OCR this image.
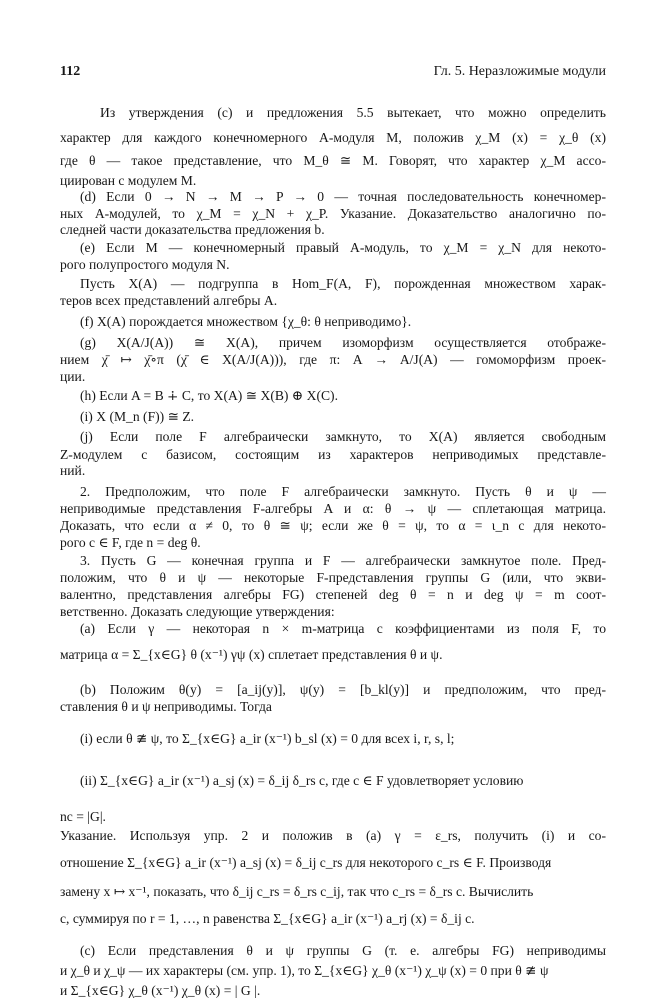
112	Гл. 5. Неразложимые модули
Из утверждения (c) и предложения 5.5 вытекает, что можно определить
характер для каждого конечномерного A-модуля M, положив χ_M (x) = χ_θ (x)
где θ — такое представление, что M_θ ≅ M. Говорят, что характер χ_M ассо-
циирован с модулем M.
(d) Если 0 → N → M → P → 0 — точная последовательность конечномер-
ных A-модулей, то χ_M = χ_N + χ_P. Указание. Доказательство аналогично по-
следней части доказательства предложения b.
(e) Если M — конечномерный правый A-модуль, то χ_M = χ_N для некото-
рого полупростого модуля N.
Пусть X(A) — подгруппа в Hom_F(A, F), порожденная множеством харак-
теров всех представлений алгебры A.
(f) X(A) порождается множеством {χ_θ: θ неприводимо}.
(g) X(A/J(A)) ≅ X(A), причем изоморфизм осуществляется отображе-
нием χ̄ ↦ χ̄∘π (χ̄ ∈ X(A/J(A))), где π: A → A/J(A) — гомоморфизм проек-
ции.
(h) Если A = B ∔ C, то X(A) ≅ X(B) ⊕ X(C).
(i) X (M_n (F)) ≅ Z.
(j) Если поле F алгебраически замкнуто, то X(A) является свободным
Z-модулем с базисом, состоящим из характеров неприводимых представле-
ний.
2. Предположим, что поле F алгебраически замкнуто. Пусть θ и ψ —
неприводимые представления F-алгебры A и α: θ → ψ — сплетающая матрица.
Доказать, что если α ≠ 0, то θ ≅ ψ; если же θ = ψ, то α = ι_n c для некото-
рого c ∈ F, где n = deg θ.
3. Пусть G — конечная группа и F — алгебраически замкнутое поле. Пред-
положим, что θ и ψ — некоторые F-представления группы G (или, что экви-
валентно, представления алгебры FG) степеней deg θ = n и deg ψ = m соот-
ветственно. Доказать следующие утверждения:
(a) Если γ — некоторая n × m-матрица с коэффициентами из поля F, то
матрица α = Σ_{x∈G} θ (x⁻¹) γψ (x) сплетает представления θ и ψ.
(b) Положим θ(y) = [a_ij(y)], ψ(y) = [b_kl(y)] и предположим, что пред-
ставления θ и ψ неприводимы. Тогда
(i) если θ ≇ ψ, то Σ_{x∈G} a_ir (x⁻¹) b_sl (x) = 0 для всех i, r, s, l;
(ii) Σ_{x∈G} a_ir (x⁻¹) a_sj (x) = δ_ij δ_rs c, где c ∈ F удовлетворяет условию
nc = |G|.
Указание. Используя упр. 2 и положив в (a) γ = ε_rs, получить (i) и со-
отношение Σ_{x∈G} a_ir (x⁻¹) a_sj (x) = δ_ij c_rs для некоторого c_rs ∈ F. Производя
замену x ↦ x⁻¹, показать, что δ_ij c_rs = δ_rs c_ij, так что c_rs = δ_rs c. Вычислить
c, суммируя по r = 1, …, n равенства Σ_{x∈G} a_ir (x⁻¹) a_rj (x) = δ_ij c.
(c) Если представления θ и ψ группы G (т. е. алгебры FG) неприводимы
и χ_θ и χ_ψ — их характеры (см. упр. 1), то Σ_{x∈G} χ_θ (x⁻¹) χ_ψ (x) = 0 при θ ≇ ψ
и Σ_{x∈G} χ_θ (x⁻¹) χ_θ (x) = | G |.
